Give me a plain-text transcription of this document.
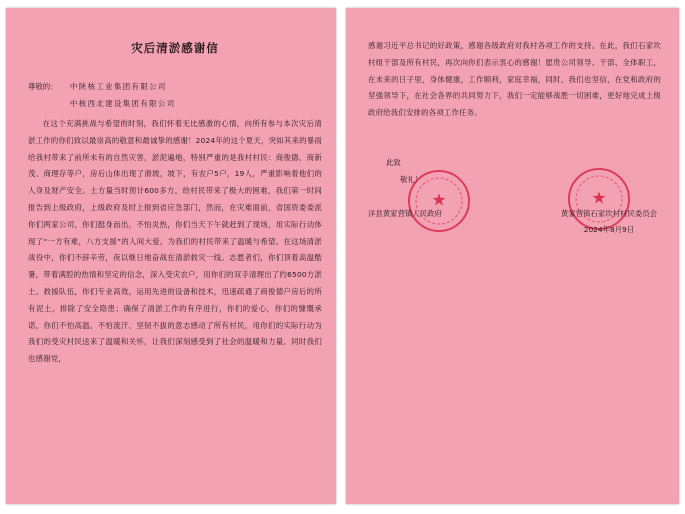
灾后清淤感谢信
尊敬的： 中陕核工业集团有限公司
中核西北建设集团有限公司

在这个充满挑战与希望的时刻，我们怀着无比感激的心情，向所有参与本次灾后清淤工作的你们致以最崇高的敬意和最诚挚的感谢！2024年的这个夏天，突如其来的暴雨给我村带来了前所未有的自然灾害，淤泥遍地，特别严重的是我村村民：商俊德、商新茂、商理存等户，房后山体出现了滑坡，坡下，有农户5户，19人，严重影响着他们的人身及财产安全。土方量当时预计600多方，给村民带来了极大的困难，我们第一时间报告到上级政府，上级政府及时上报到省应急部门，然而，在灾难面前，省国资委委派你们两家公司，你们挺身而出，不怕炎热，你们当天下午就赶到了现场，用实际行动体现了“一方有难，八方支援”的人间大爱，为我们的村民带来了温暖与希望。在这场清淤战役中，你们不辞辛劳，夜以继日地奋战在清淤救灾一线。志愿者们，你们顶着高温酷暑，带着满腔的热情和坚定的信念，深入受灾农户，用你们的双手清理出了约6500方淤土。救援队伍，你们专业高效，运用先进的设备和技术，迅速疏通了商俊德户房后的所有泥土，排除了安全隐患；确保了清淤工作的有序进行，你们的爱心，你们的慷慨承诺，你们不怕高温、不怕流汗、坚韧不拔的意志感动了所有村民，用你们的实际行动为我们的受灾村民送来了温暖和关怀，让我们深刻感受到了社会的温暖和力量。同时我们也感谢党，

感谢习近平总书记的好政策，感谢各级政府对我村各项工作的支持。在此，我们石家坎村组干部及所有村民，再次向你们表示衷心的感谢！愿贵公司领导、干部、全体职工，在未来的日子里，身体健康，工作顺利，家庭幸福，同时，我们也坚信，在党和政府的坚强领导下，在社会各界的共同努力下，我们一定能够战胜一切困难，更好地完成上级政府给我们安排的各项工作任务。

此致
敬礼！
★	★
洋县黄家营镇人民政府	黄家营镇石家坎村村民委员会
2024年8月9日
